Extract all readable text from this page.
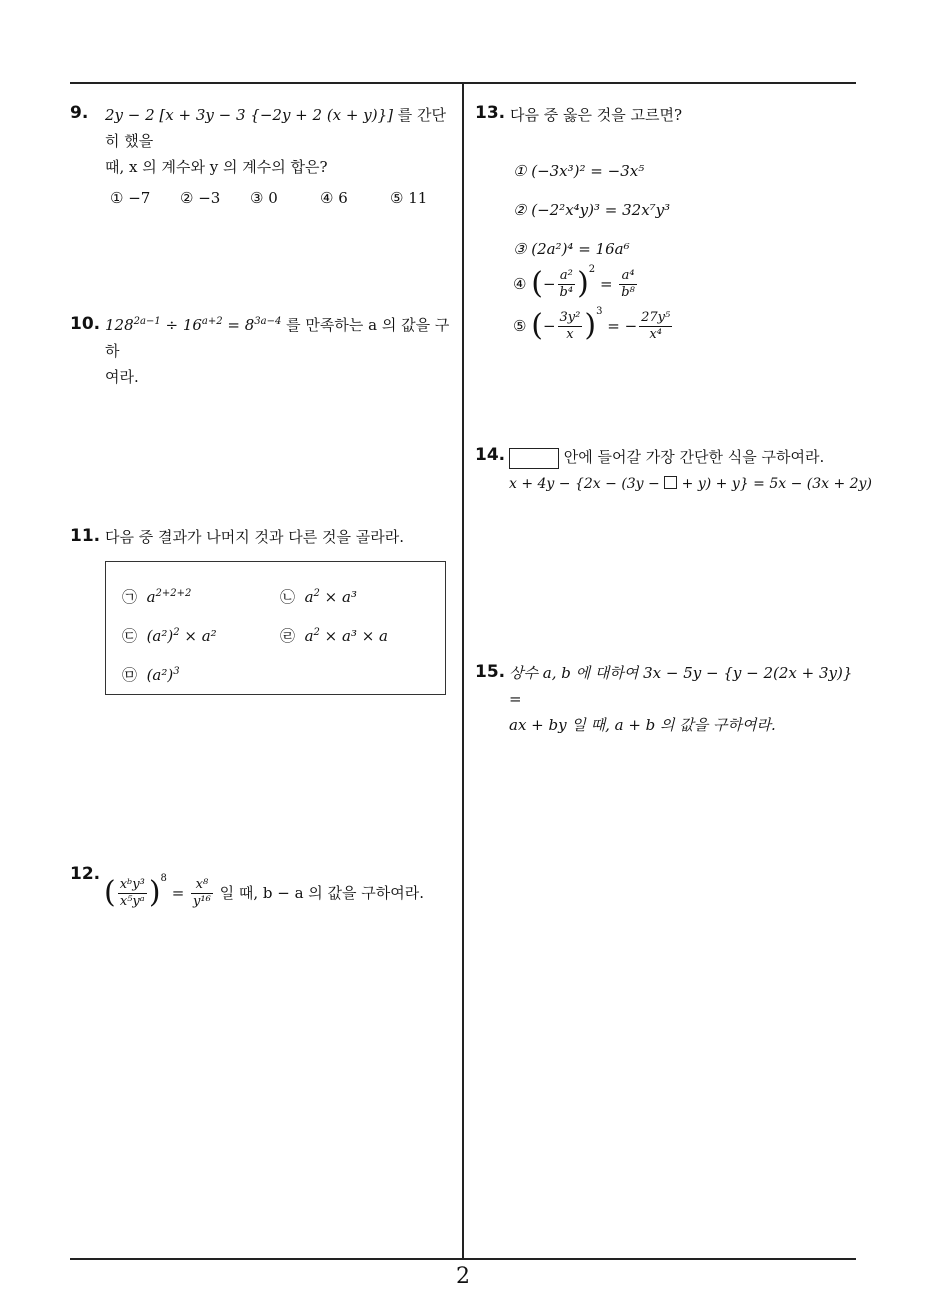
9. 2y − 2 [x + 3y − 3 {−2y + 2 (x + y)}] 를 간단히 했을
때, x 의 계수와 y 의 계수의 합은?
① −7 ② −3 ③ 0	④ 6	⑤ 11
10. $128^{2a-1} \div 16^{a+2} = 8^{3a-4}$ 를 만족하는 a 의 값을 구하
여라.
11. 다음 중 결과가 나머지 것과 다른 것을 골라라.
㉠ $a^{2+2+2}$	㉡ $a^2 \times a^3$
㉢ $(a^2)^2 \times a^2$	㉣ $a^2 \times a^3 \times a$
㉤ $(a^2)^3$
12.
( $\frac{\text{xᵇy³}}{\text{x⁵yᵃ}} )^8 = \frac{\text{x⁸}}{\text{y¹⁶}}$ 일 때, b − a 의 값을 구하여라.
13. 다음 중 옳은 것을 고르면?
① (−3x³)² = −3x⁵
② (−2²x⁴y)³ = 32x⁷y³
③ (2a²)⁴ = 16a⁶
④ (− $\frac{\text{a²}}{\text{b⁴}} )^2 = \frac{\text{a⁴}}{\text{b⁸}}$
⑤ (− $\frac{\text{3y²}}{x} )^3$ = − $\frac{\text{27y⁵}}{\text{x⁴}}$
14.	안에 들어갈 가장 간단한 식을 구하여라.
x + 4y − {2x − (3y −  + y) + y} = 5x − (3x + 2y)
15. 상수 a, b 에 대하여 3x − 5y − {y − 2(2x + 3y)} =
ax + by 일 때, a + b 의 값을 구하여라.
2
